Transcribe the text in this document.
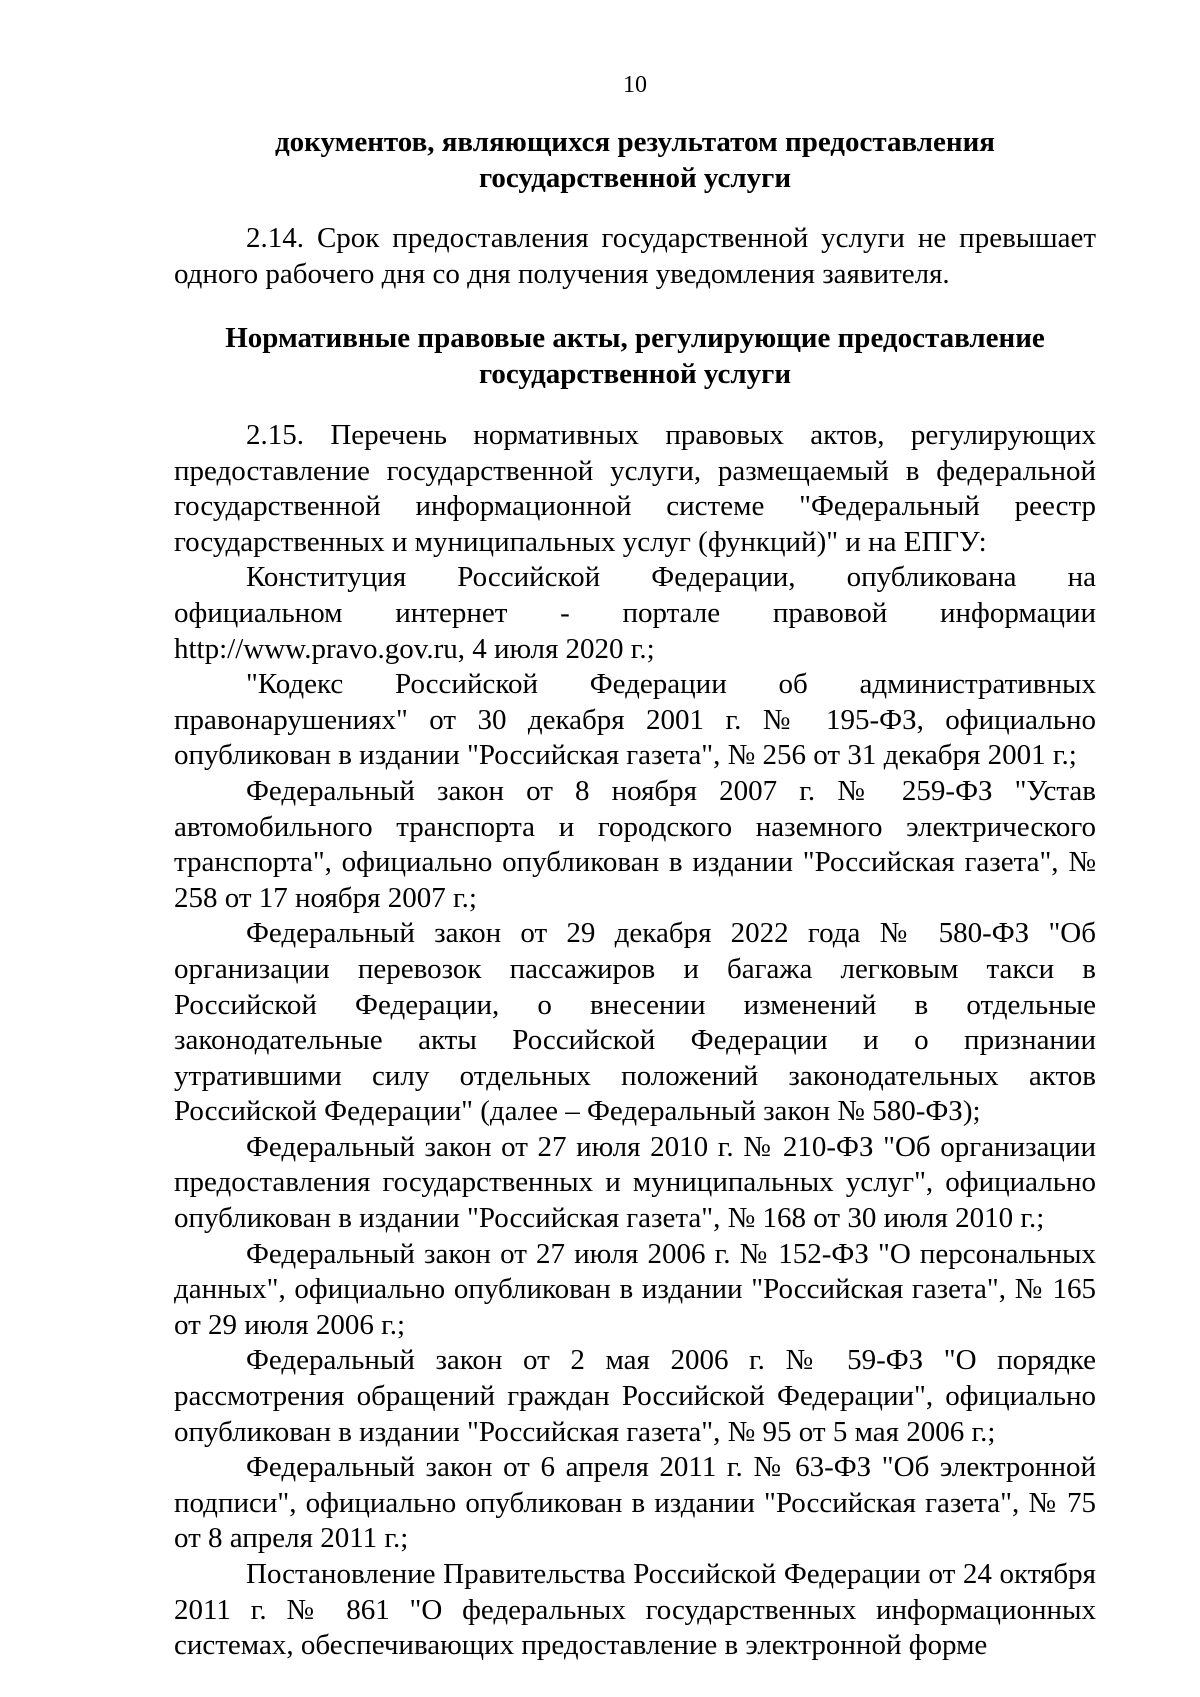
10
документов, являющихся результатом предоставления
государственной услуги

2.14. Срок предоставления государственной услуги не превышает одного рабочего дня со дня получения уведомления заявителя.

Нормативные правовые акты, регулирующие предоставление
государственной услуги

2.15. Перечень нормативных правовых актов, регулирующих предоставление государственной услуги, размещаемый в федеральной государственной информационной системе "Федеральный реестр государственных и муниципальных услуг (функций)" и на ЕПГУ:

Конституция Российской Федерации, опубликована на официальном интернет - портале правовой информации http://www.pravo.gov.ru, 4 июля 2020 г.;

"Кодекс Российской Федерации об административных правонарушениях" от 30 декабря 2001 г. № 195-ФЗ, официально опубликован в издании "Российская газета", № 256 от 31 декабря 2001 г.;

Федеральный закон от 8 ноября 2007 г. № 259-ФЗ "Устав автомобильного транспорта и городского наземного электрического транспорта", официально опубликован в издании "Российская газета", № 258 от 17 ноября 2007 г.;

Федеральный закон от 29 декабря 2022 года № 580-ФЗ "Об организации перевозок пассажиров и багажа легковым такси в Российской Федерации, о внесении изменений в отдельные законодательные акты Российской Федерации и о признании утратившими силу отдельных положений законодательных актов Российской Федерации" (далее – Федеральный закон № 580-ФЗ);

Федеральный закон от 27 июля 2010 г. № 210-ФЗ "Об организации предоставления государственных и муниципальных услуг", официально опубликован в издании "Российская газета", № 168 от 30 июля 2010 г.;

Федеральный закон от 27 июля 2006 г. № 152-ФЗ "О персональных данных", официально опубликован в издании "Российская газета", № 165 от 29 июля 2006 г.;

Федеральный закон от 2 мая 2006 г. № 59-ФЗ "О порядке рассмотрения обращений граждан Российской Федерации", официально опубликован в издании "Российская газета", № 95 от 5 мая 2006 г.;

Федеральный закон от 6 апреля 2011 г. № 63-ФЗ "Об электронной подписи", официально опубликован в издании "Российская газета", № 75 от 8 апреля 2011 г.;

Постановление Правительства Российской Федерации от 24 октября 2011 г. № 861 "О федеральных государственных информационных системах, обеспечивающих предоставление в электронной форме
